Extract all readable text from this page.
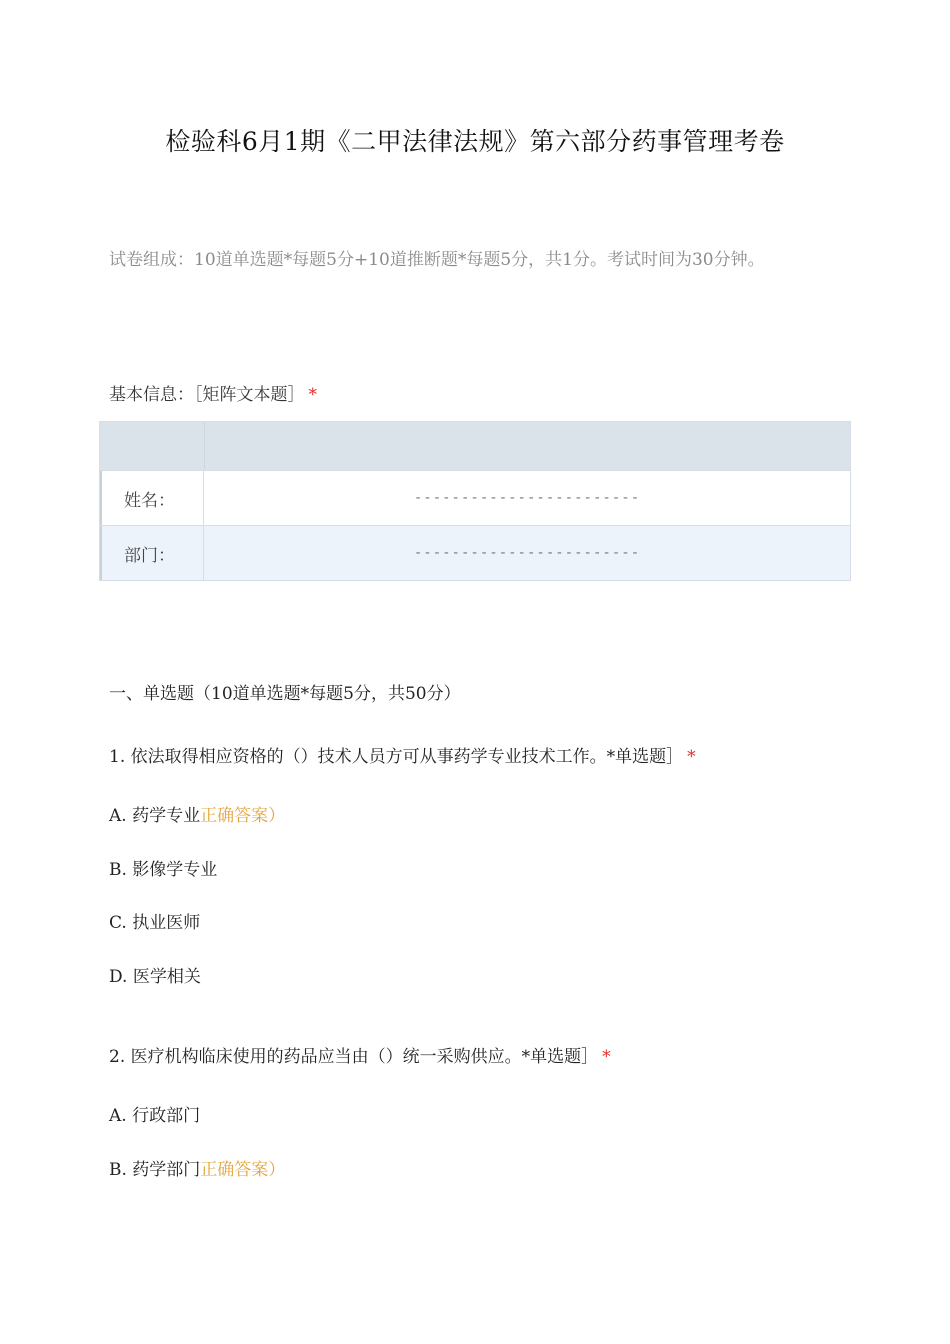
检验科6月1期《二甲法律法规》第六部分药事管理考卷
试卷组成：10道单选题*每题5分+10道推断题*每题5分，共1分。考试时间为30分钟。
基本信息：［矩阵文本题］ *
姓名：	------------------------
部门：	------------------------
一、单选题（10道单选题*每题5分，共50分）
1. 依法取得相应资格的（）技术人员方可从事药学专业技术工作。*单选题］ *
A. 药学专业正确答案）
B. 影像学专业
C. 执业医师
D. 医学相关
2. 医疗机构临床使用的药品应当由（）统一采购供应。*单选题］ *
A. 行政部门
B. 药学部门正确答案）
